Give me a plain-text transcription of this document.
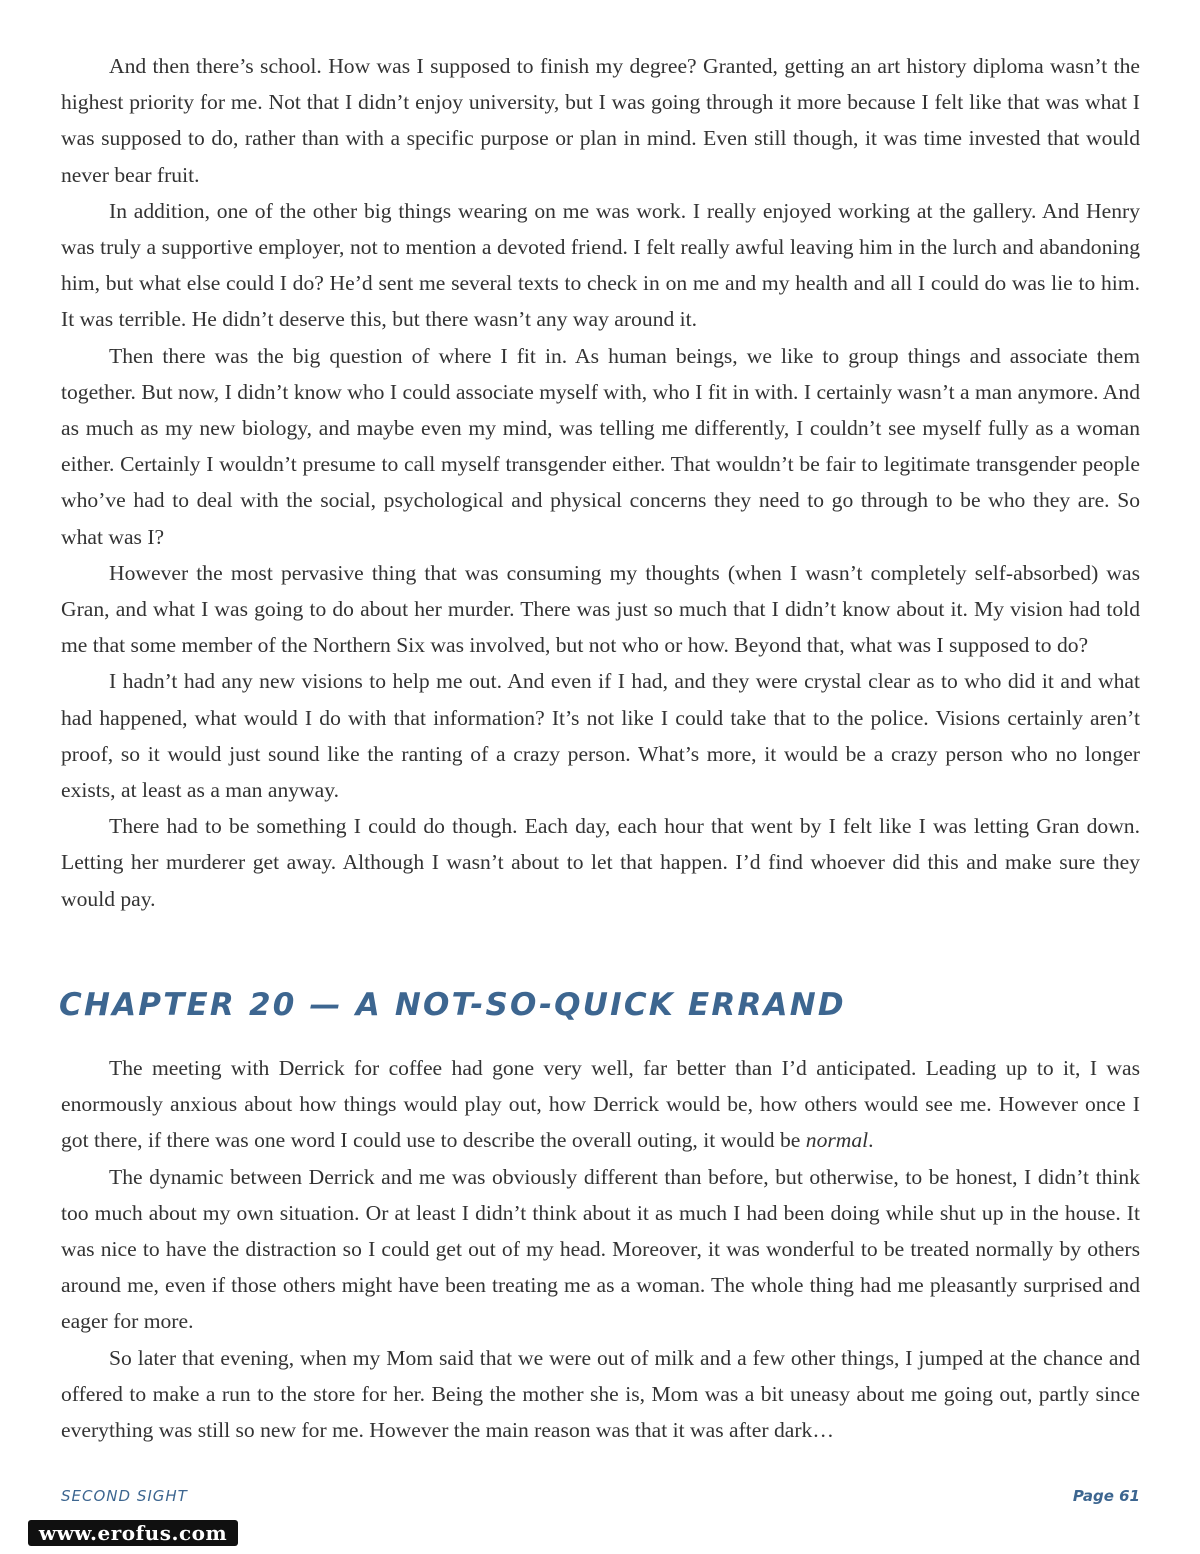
And then there’s school. How was I supposed to finish my degree? Granted, getting an art history diploma wasn’t the highest priority for me. Not that I didn’t enjoy university, but I was going through it more because I felt like that was what I was supposed to do, rather than with a specific purpose or plan in mind. Even still though, it was time invested that would never bear fruit.

In addition, one of the other big things wearing on me was work. I really enjoyed working at the gallery. And Henry was truly a supportive employer, not to mention a devoted friend. I felt really awful leaving him in the lurch and abandoning him, but what else could I do? He’d sent me several texts to check in on me and my health and all I could do was lie to him. It was terrible. He didn’t deserve this, but there wasn’t any way around it.

Then there was the big question of where I fit in. As human beings, we like to group things and associate them together. But now, I didn’t know who I could associate myself with, who I fit in with. I certainly wasn’t a man anymore. And as much as my new biology, and maybe even my mind, was telling me differently, I couldn’t see myself fully as a woman either. Certainly I wouldn’t presume to call myself transgender either. That wouldn’t be fair to legitimate transgender people who’ve had to deal with the social, psychological and physical concerns they need to go through to be who they are. So what was I?

However the most pervasive thing that was consuming my thoughts (when I wasn’t completely self-absorbed) was Gran, and what I was going to do about her murder. There was just so much that I didn’t know about it. My vision had told me that some member of the Northern Six was involved, but not who or how. Beyond that, what was I supposed to do?

I hadn’t had any new visions to help me out. And even if I had, and they were crystal clear as to who did it and what had happened, what would I do with that information? It’s not like I could take that to the police. Visions certainly aren’t proof, so it would just sound like the ranting of a crazy person. What’s more, it would be a crazy person who no longer exists, at least as a man anyway.

There had to be something I could do though. Each day, each hour that went by I felt like I was letting Gran down. Letting her murderer get away. Although I wasn’t about to let that happen. I’d find whoever did this and make sure they would pay.

CHAPTER 20 — A NOT-SO-QUICK ERRAND

The meeting with Derrick for coffee had gone very well, far better than I’d anticipated. Leading up to it, I was enormously anxious about how things would play out, how Derrick would be, how others would see me. However once I got there, if there was one word I could use to describe the overall outing, it would be normal.

The dynamic between Derrick and me was obviously different than before, but otherwise, to be honest, I didn’t think too much about my own situation. Or at least I didn’t think about it as much I had been doing while shut up in the house. It was nice to have the distraction so I could get out of my head. Moreover, it was wonderful to be treated normally by others around me, even if those others might have been treating me as a woman. The whole thing had me pleasantly surprised and eager for more.

So later that evening, when my Mom said that we were out of milk and a few other things, I jumped at the chance and offered to make a run to the store for her. Being the mother she is, Mom was a bit uneasy about me going out, partly since everything was still so new for me. However the main reason was that it was after dark…

SECOND SIGHT	Page 61
www.erofus.com
